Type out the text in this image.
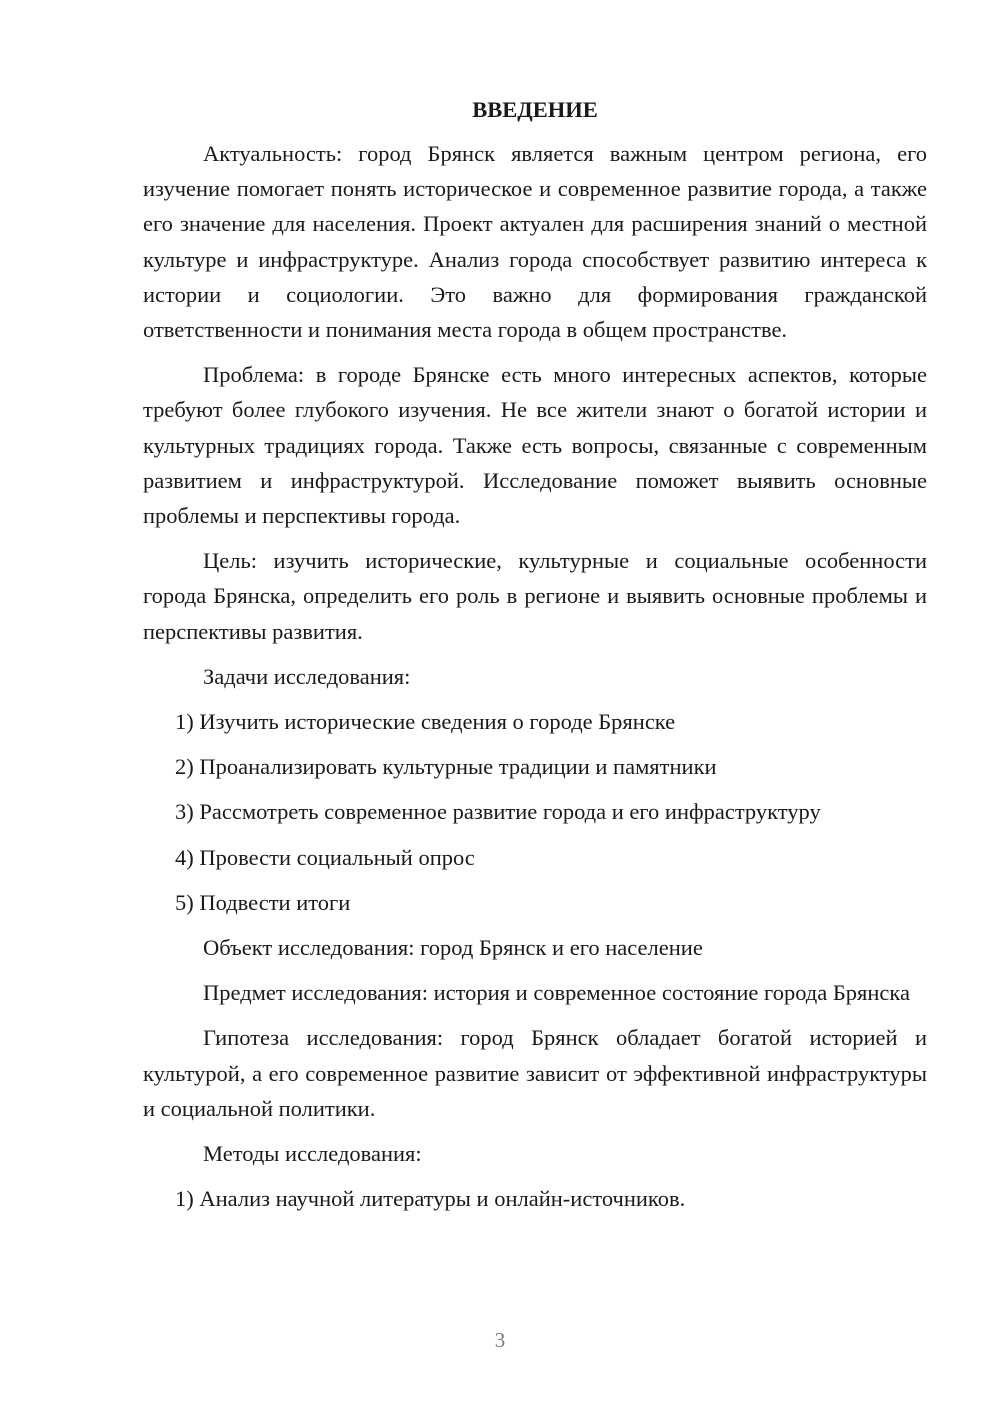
ВВЕДЕНИЕ

Актуальность: город Брянск является важным центром региона, его изучение помогает понять историческое и современное развитие города, а также его значение для населения. Проект актуален для расширения знаний о местной культуре и инфраструктуре. Анализ города способствует развитию интереса к истории и социологии. Это важно для формирования гражданской ответственности и понимания места города в общем пространстве.

Проблема: в городе Брянске есть много интересных аспектов, которые требуют более глубокого изучения. Не все жители знают о богатой истории и культурных традициях города. Также есть вопросы, связанные с современным развитием и инфраструктурой. Исследование поможет выявить основные проблемы и перспективы города.

Цель: изучить исторические, культурные и социальные особенности города Брянска, определить его роль в регионе и выявить основные проблемы и перспективы развития.

Задачи исследования:
1) Изучить исторические сведения о городе Брянске
2) Проанализировать культурные традиции и памятники
3) Рассмотреть современное развитие города и его инфраструктуру
4) Провести социальный опрос
5) Подвести итоги
Объект исследования: город Брянск и его население

Предмет исследования: история и современное состояние города Брянска

Гипотеза исследования: город Брянск обладает богатой историей и культурой, а его современное развитие зависит от эффективной инфраструктуры и социальной политики.

Методы исследования:
1) Анализ научной литературы и онлайн-источников.
3
